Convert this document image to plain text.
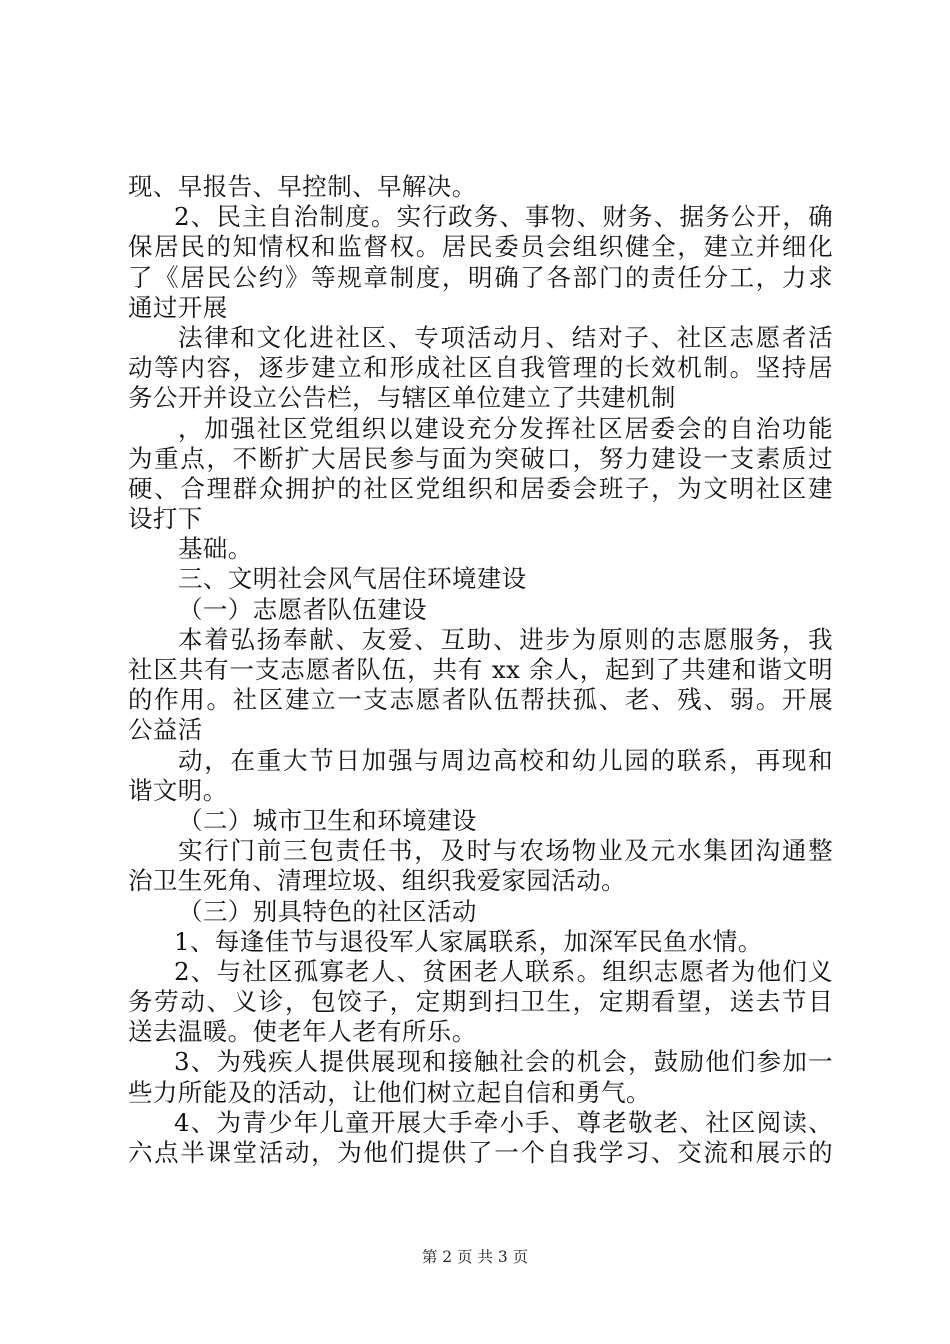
现、早报告、早控制、早解决。
2、民主自治制度。实行政务、事物、财务、据务公开，确
保居民的知情权和监督权。居民委员会组织健全，建立并细化
了《居民公约》等规章制度，明确了各部门的责任分工，力求
通过开展
法律和文化进社区、专项活动月、结对子、社区志愿者活
动等内容，逐步建立和形成社区自我管理的长效机制。坚持居
务公开并设立公告栏，与辖区单位建立了共建机制
，加强社区党组织以建设充分发挥社区居委会的自治功能
为重点，不断扩大居民参与面为突破口，努力建设一支素质过
硬、合理群众拥护的社区党组织和居委会班子，为文明社区建
设打下
基础。
三、文明社会风气居住环境建设
（一）志愿者队伍建设
本着弘扬奉献、友爱、互助、进步为原则的志愿服务，我
社区共有一支志愿者队伍，共有 xx 余人，起到了共建和谐文明
的作用。社区建立一支志愿者队伍帮扶孤、老、残、弱。开展
公益活
动，在重大节日加强与周边高校和幼儿园的联系，再现和
谐文明。
（二）城市卫生和环境建设
实行门前三包责任书，及时与农场物业及元水集团沟通整
治卫生死角、清理垃圾、组织我爱家园活动。
（三）别具特色的社区活动
1、每逢佳节与退役军人家属联系，加深军民鱼水情。
2、与社区孤寡老人、贫困老人联系。组织志愿者为他们义
务劳动、义诊，包饺子，定期到扫卫生，定期看望，送去节目
送去温暖。使老年人老有所乐。
3、为残疾人提供展现和接触社会的机会，鼓励他们参加一
些力所能及的活动，让他们树立起自信和勇气。
4、为青少年儿童开展大手牵小手、尊老敬老、社区阅读、
六点半课堂活动，为他们提供了一个自我学习、交流和展示的
第 2 页 共 3 页
